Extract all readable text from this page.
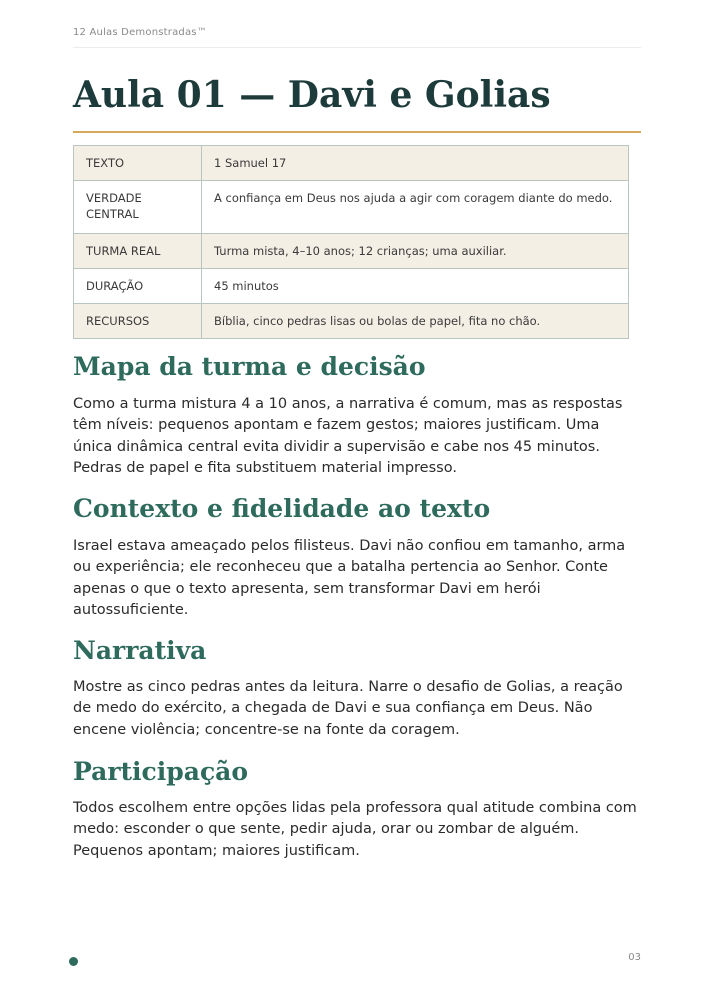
12 Aulas Demonstradas™
Aula 01 — Davi e Golias
TEXTO	1 Samuel 17
VERDADE CENTRAL	A confiança em Deus nos ajuda a agir com coragem diante do medo.
TURMA REAL	Turma mista, 4–10 anos; 12 crianças; uma auxiliar.
DURAÇÃO	45 minutos
RECURSOS	Bíblia, cinco pedras lisas ou bolas de papel, fita no chão.
Mapa da turma e decisão

Como a turma mistura 4 a 10 anos, a narrativa é comum, mas as respostas têm níveis: pequenos apontam e fazem gestos; maiores justificam. Uma única dinâmica central evita dividir a supervisão e cabe nos 45 minutos. Pedras de papel e fita substituem material impresso.

Contexto e fidelidade ao texto

Israel estava ameaçado pelos filisteus. Davi não confiou em tamanho, arma ou experiência; ele reconheceu que a batalha pertencia ao Senhor. Conte apenas o que o texto apresenta, sem transformar Davi em herói autossuficiente.

Narrativa

Mostre as cinco pedras antes da leitura. Narre o desafio de Golias, a reação de medo do exército, a chegada de Davi e sua confiança em Deus. Não encene violência; concentre-se na fonte da coragem.

Participação

Todos escolhem entre opções lidas pela professora qual atitude combina com medo: esconder o que sente, pedir ajuda, orar ou zombar de alguém. Pequenos apontam; maiores justificam.

03
